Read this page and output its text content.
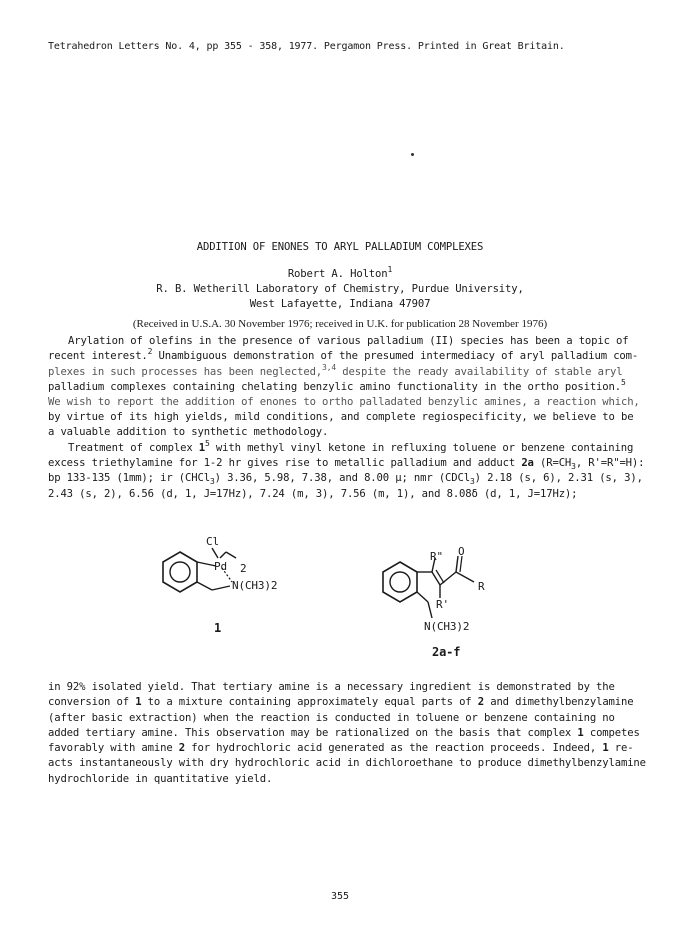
Tetrahedron Letters No. 4, pp 355 - 358, 1977. Pergamon Press. Printed in Great Britain.
ADDITION OF ENONES TO ARYL PALLADIUM COMPLEXES
Robert A. Holton$^1$
R. B. Wetherill Laboratory of Chemistry, Purdue University,
West Lafayette, Indiana 47907
(Received in U.S.A. 30 November 1976; received in U.K. for publication 28 November 1976)
Arylation of olefins in the presence of various palladium (II) species has been a topic of
recent interest.$^2$ Unambiguous demonstration of the presumed intermediacy of aryl palladium com-
plexes in such processes has been neglected,$^{3,4}$ despite the ready availability of stable aryl
palladium complexes containing chelating benzylic amino functionality in the ortho position.$^5$
We wish to report the addition of enones to ortho palladated benzylic amines, a reaction which,
by virtue of its high yields, mild conditions, and complete regiospecificity, we believe to be
a valuable addition to synthetic methodology.
Treatment of complex $1^5$ with methyl vinyl ketone in refluxing toluene or benzene containing
excess triethylamine for 1-2 hr gives rise to metallic palladium and adduct 2a ($R=CH_3$, R'=R"=H):
bp 133-135 (1mm); ir (CHCl$_3$) 3.36, 5.98, 7.38, and 8.00 µ; nmr (CDCl$_3$) 2.18 (s, 6), 2.31 (s, 3),
2.43 (s, 2), 6.56 (d, 1, J=17Hz), 7.24 (m, 3), 7.56 (m, 1), and 8.08δ (d, 1, J=17Hz);
Cl
Pd 2
N(CH3)2
1
R" O
R
R'
N(CH3)2
2a-f
in 92% isolated yield. That tertiary amine is a necessary ingredient is demonstrated by the
conversion of 1 to a mixture containing approximately equal parts of 2 and dimethylbenzylamine
(after basic extraction) when the reaction is conducted in toluene or benzene containing no
added tertiary amine. This observation may be rationalized on the basis that complex 1 competes
favorably with amine 2 for hydrochloric acid generated as the reaction proceeds. Indeed, 1 re-
acts instantaneously with dry hydrochloric acid in dichloroethane to produce dimethylbenzylamine
hydrochloride in quantitative yield.
355
